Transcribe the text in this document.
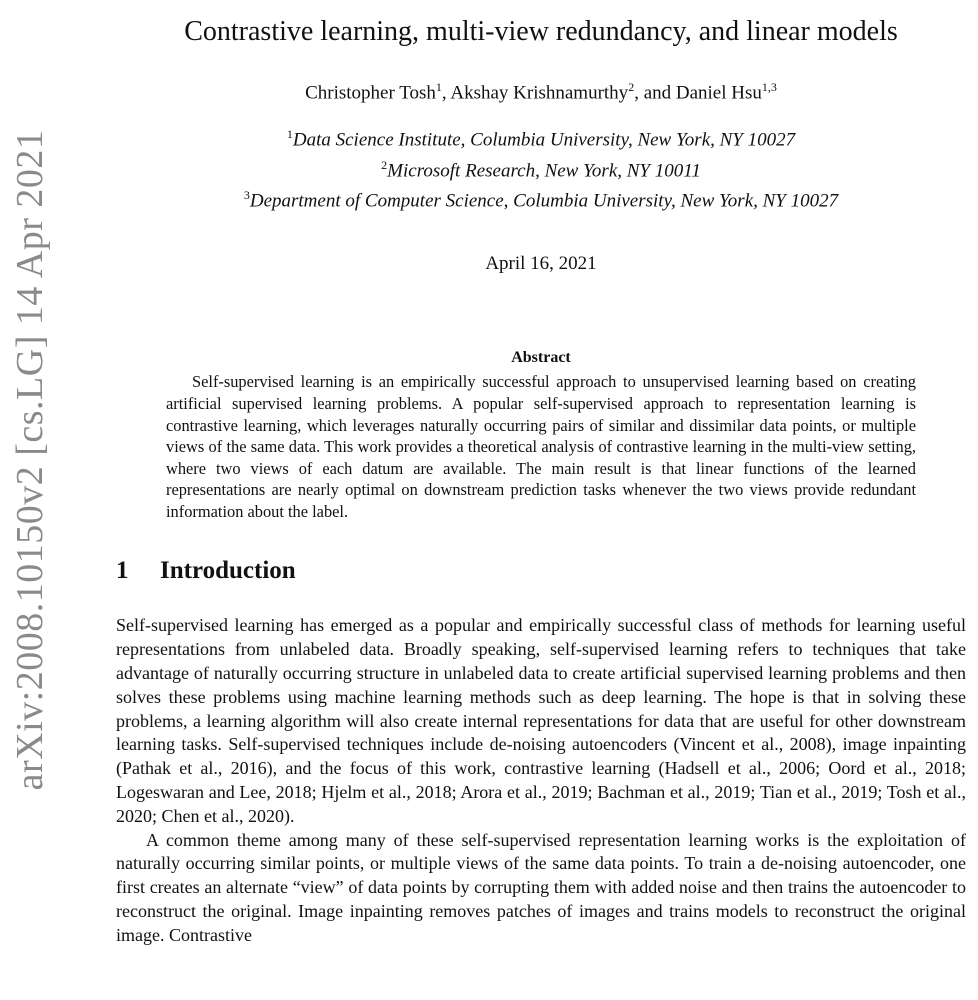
arXiv:2008.10150v2 [cs.LG] 14 Apr 2021
Contrastive learning, multi-view redundancy, and linear models
Christopher Tosh$^1$, Akshay Krishnamurthy$^2$, and Daniel Hsu$^{1,3}$
$^1$Data Science Institute, Columbia University, New York, NY 10027
$^2$Microsoft Research, New York, NY 10011
$^3$Department of Computer Science, Columbia University, New York, NY 10027
April 16, 2021
Abstract
Self-supervised learning is an empirically successful approach to unsupervised learning based on creating artificial supervised learning problems. A popular self-supervised approach to representation learning is contrastive learning, which leverages naturally occurring pairs of similar and dissimilar data points, or multiple views of the same data. This work provides a theoretical analysis of contrastive learning in the multi-view setting, where two views of each datum are available. The main result is that linear functions of the learned representations are nearly optimal on downstream prediction tasks whenever the two views provide redundant information about the label.
1 Introduction

Self-supervised learning has emerged as a popular and empirically successful class of methods for learning useful representations from unlabeled data. Broadly speaking, self-supervised learning refers to techniques that take advantage of naturally occurring structure in unlabeled data to create artificial supervised learning problems and then solves these problems using machine learning methods such as deep learning. The hope is that in solving these problems, a learning algorithm will also create internal representations for data that are useful for other downstream learning tasks. Self-supervised techniques include de-noising autoencoders (Vincent et al., 2008), image inpainting (Pathak et al., 2016), and the focus of this work, contrastive learning (Hadsell et al., 2006; Oord et al., 2018; Logeswaran and Lee, 2018; Hjelm et al., 2018; Arora et al., 2019; Bachman et al., 2019; Tian et al., 2019; Tosh et al., 2020; Chen et al., 2020).

A common theme among many of these self-supervised representation learning works is the exploitation of naturally occurring similar points, or multiple views of the same data points. To train a de-noising autoencoder, one first creates an alternate “view” of data points by corrupting them with added noise and then trains the autoencoder to reconstruct the original. Image inpainting removes patches of images and trains models to reconstruct the original image. Contrastive
